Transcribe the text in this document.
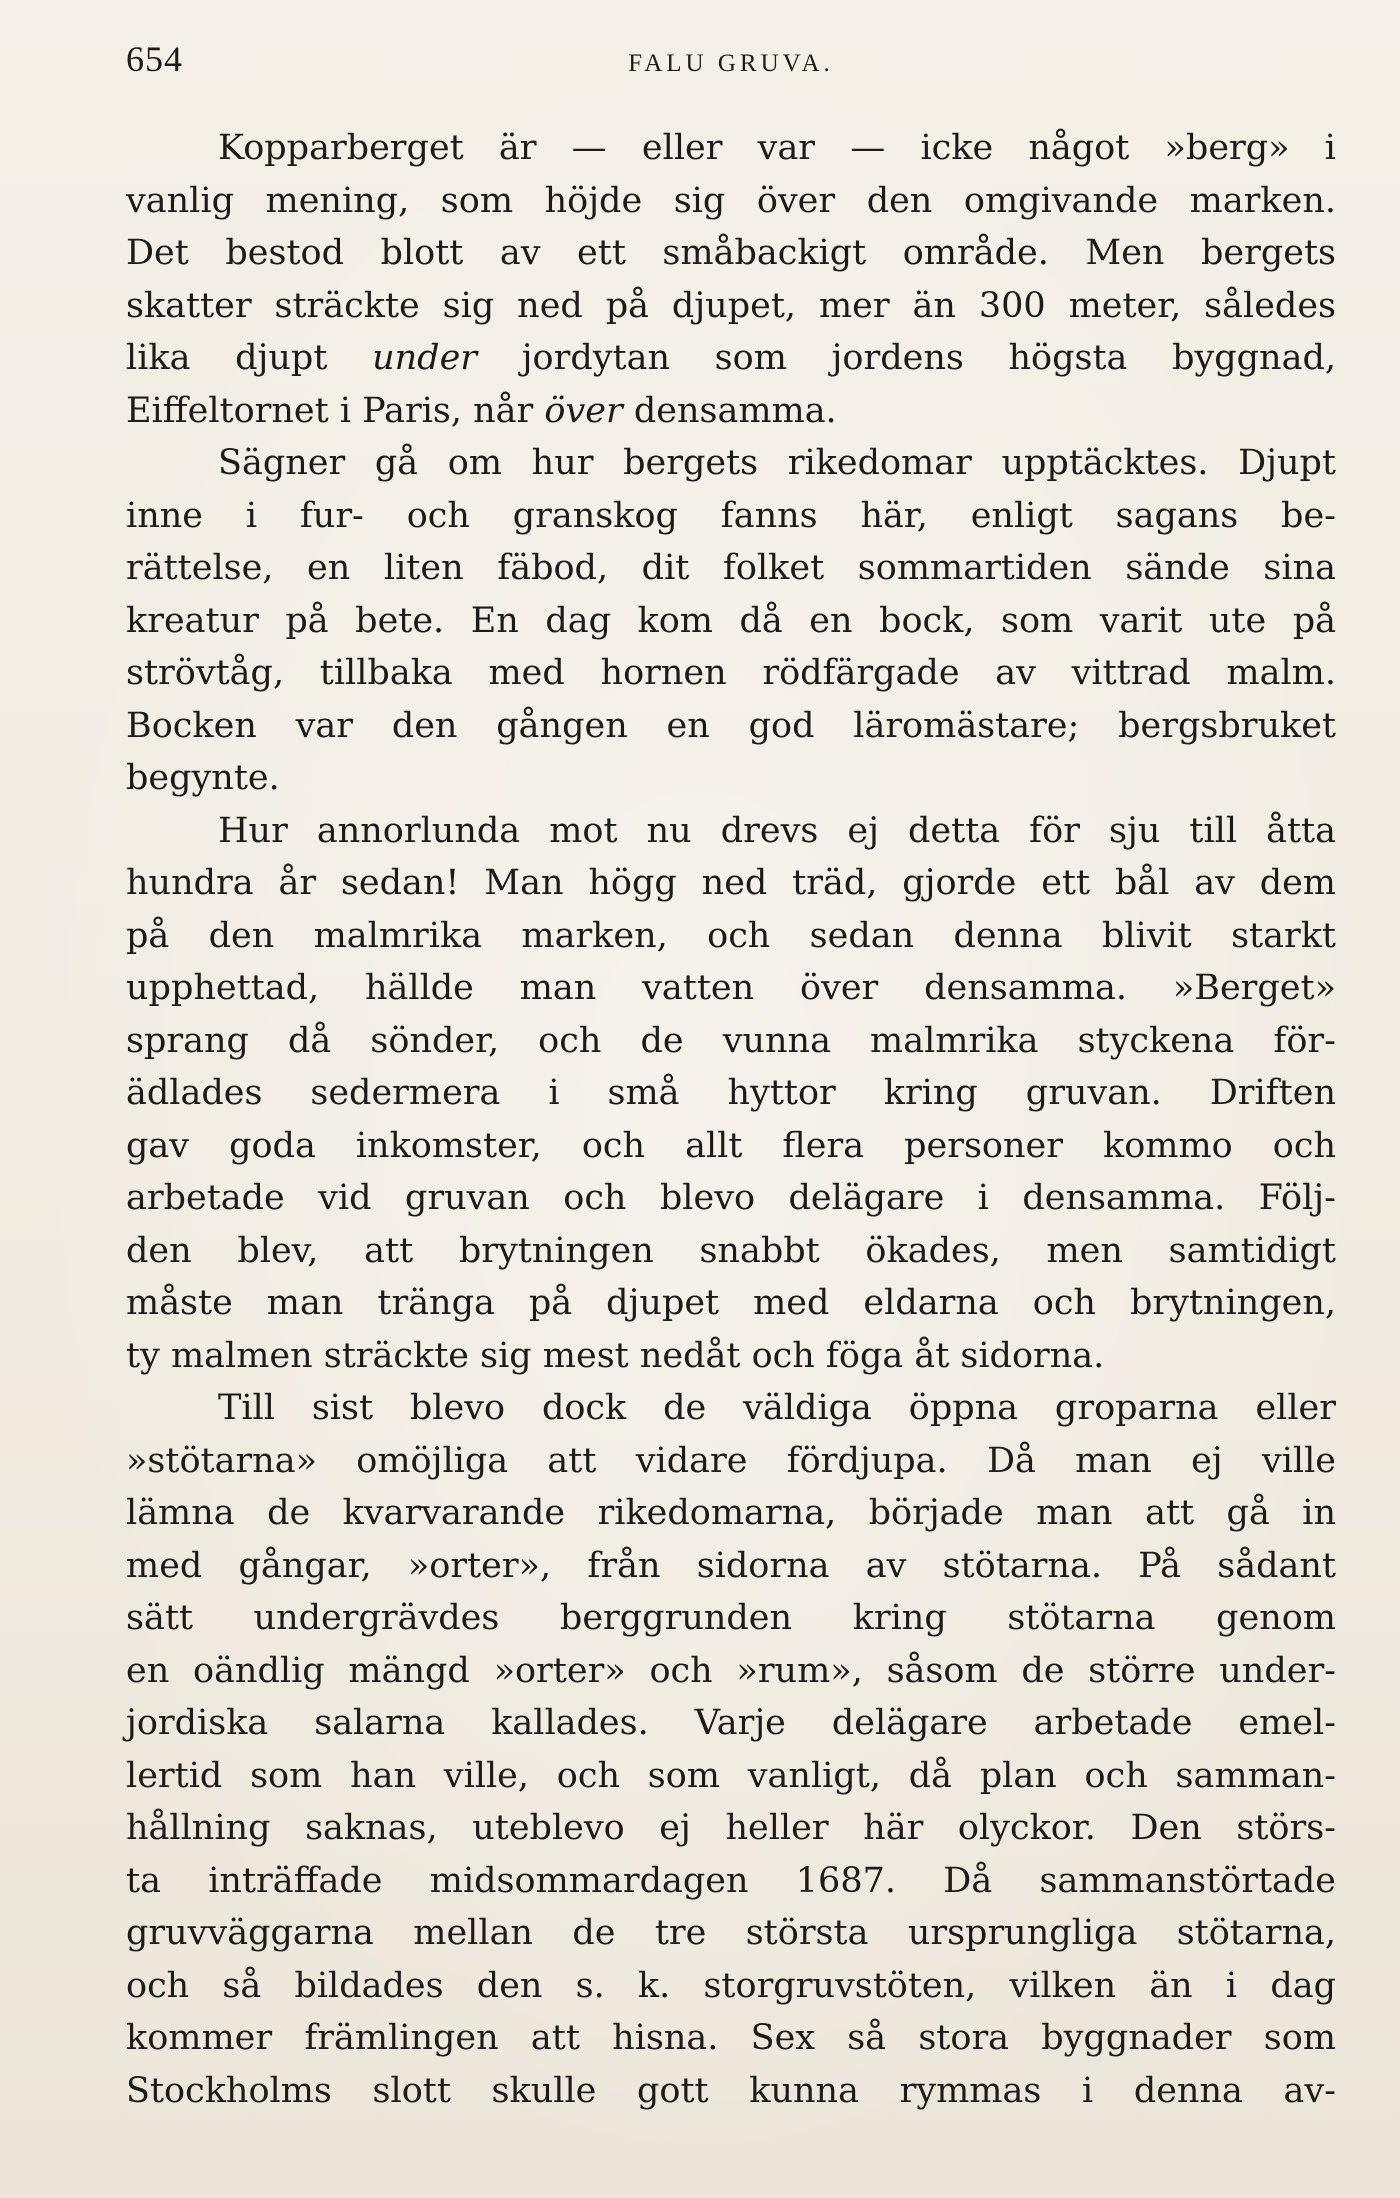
654	FALU GRUVA.
Kopparberget är — eller var — icke något »berg» i
vanlig mening, som höjde sig över den omgivande marken.
Det bestod blott av ett småbackigt område. Men bergets
skatter sträckte sig ned på djupet, mer än 300 meter, således
lika djupt under jordytan som jordens högsta byggnad,
Eiffeltornet i Paris, når över densamma.
Sägner gå om hur bergets rikedomar upptäcktes. Djupt
inne i fur- och granskog fanns här, enligt sagans be-
rättelse, en liten fäbod, dit folket sommartiden sände sina
kreatur på bete. En dag kom då en bock, som varit ute på
strövtåg, tillbaka med hornen rödfärgade av vittrad malm.
Bocken var den gången en god läromästare; bergsbruket
begynte.
Hur annorlunda mot nu drevs ej detta för sju till åtta
hundra år sedan! Man högg ned träd, gjorde ett bål av dem
på den malmrika marken, och sedan denna blivit starkt
upphettad, hällde man vatten över densamma. »Berget»
sprang då sönder, och de vunna malmrika styckena för-
ädlades sedermera i små hyttor kring gruvan. Driften
gav goda inkomster, och allt flera personer kommo och
arbetade vid gruvan och blevo delägare i densamma. Följ-
den blev, att brytningen snabbt ökades, men samtidigt
måste man tränga på djupet med eldarna och brytningen,
ty malmen sträckte sig mest nedåt och föga åt sidorna.
Till sist blevo dock de väldiga öppna groparna eller
»stötarna» omöjliga att vidare fördjupa. Då man ej ville
lämna de kvarvarande rikedomarna, började man att gå in
med gångar, »orter», från sidorna av stötarna. På sådant
sätt undergrävdes berggrunden kring stötarna genom
en oändlig mängd »orter» och »rum», såsom de större under-
jordiska salarna kallades. Varje delägare arbetade emel-
lertid som han ville, och som vanligt, då plan och samman-
hållning saknas, uteblevo ej heller här olyckor. Den störs-
ta inträffade midsommardagen 1687. Då sammanstörtade
gruvväggarna mellan de tre största ursprungliga stötarna,
och så bildades den s. k. storgruvstöten, vilken än i dag
kommer främlingen att hisna. Sex så stora byggnader som
Stockholms slott skulle gott kunna rymmas i denna av-
